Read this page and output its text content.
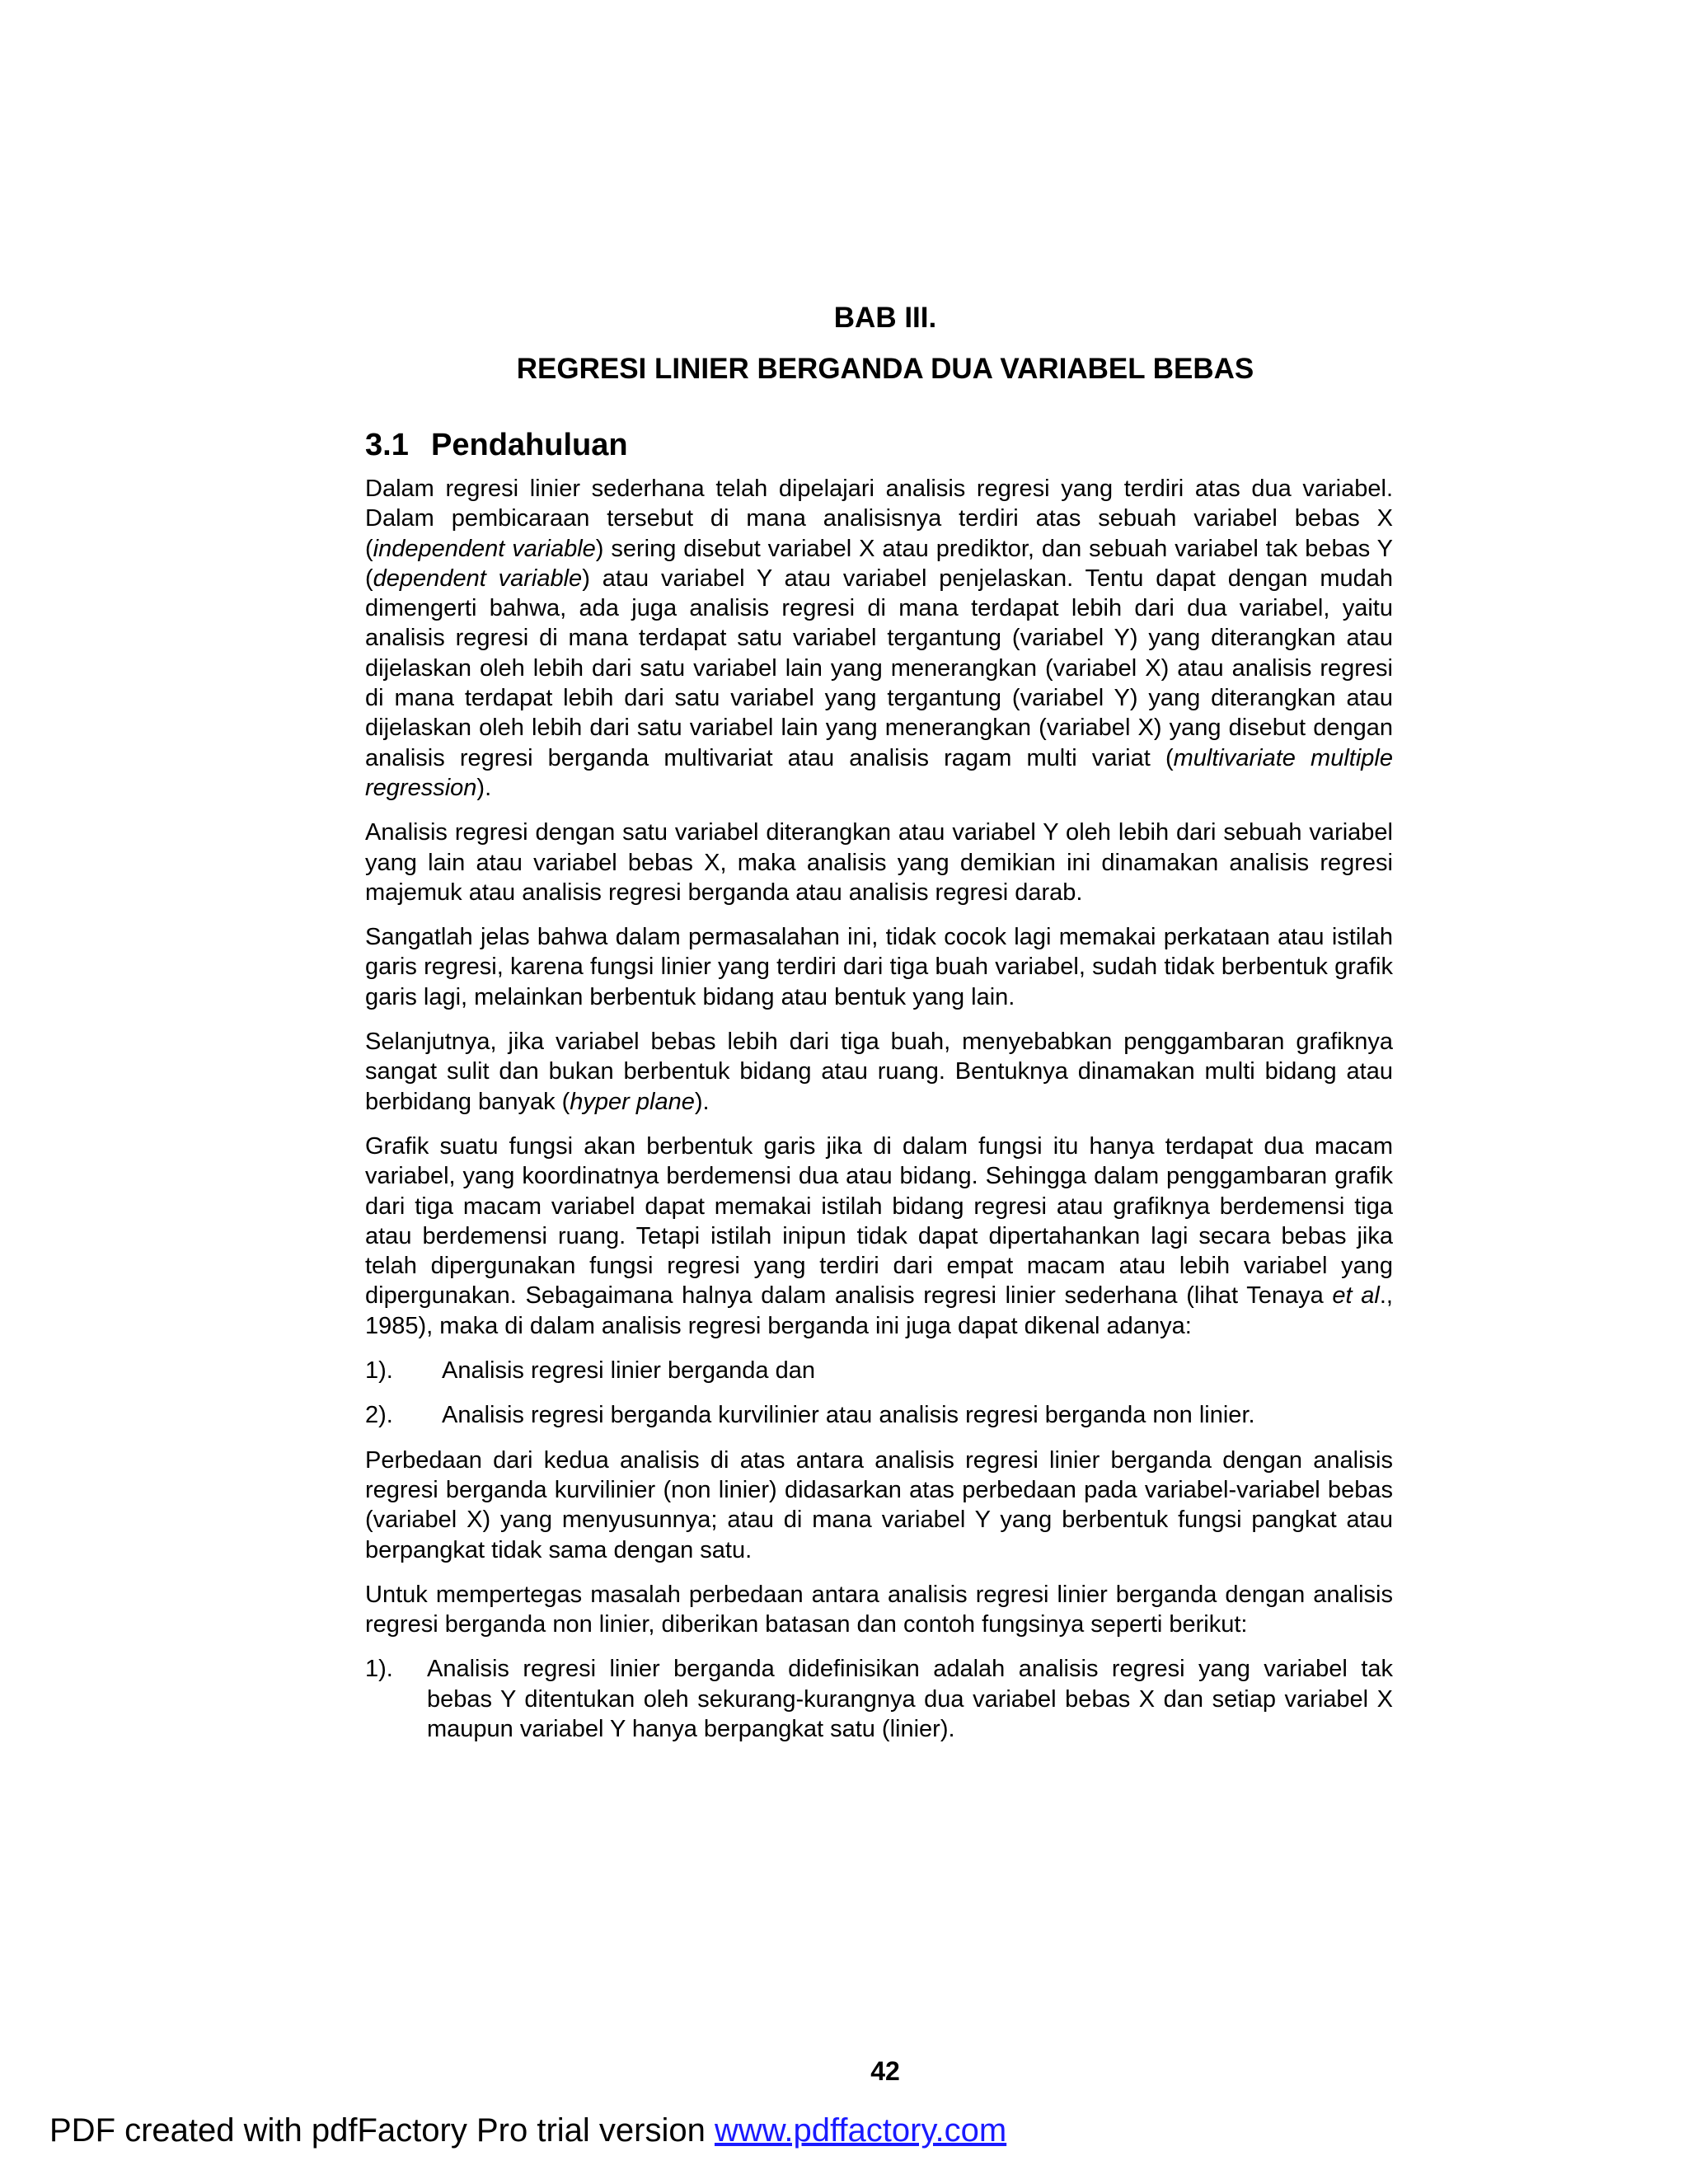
BAB III.
REGRESI LINIER BERGANDA DUA VARIABEL BEBAS
3.1 Pendahuluan

Dalam regresi linier sederhana telah dipelajari analisis regresi yang terdiri atas dua variabel. Dalam pembicaraan tersebut di mana analisisnya terdiri atas sebuah variabel bebas X (independent variable) sering disebut variabel X atau prediktor, dan sebuah variabel tak bebas Y (dependent variable) atau variabel Y atau variabel penjelaskan. Tentu dapat dengan mudah dimengerti bahwa, ada juga analisis regresi di mana terdapat lebih dari dua variabel, yaitu analisis regresi di mana terdapat satu variabel tergantung (variabel Y) yang diterangkan atau dijelaskan oleh lebih dari satu variabel lain yang menerangkan (variabel X) atau analisis regresi di mana terdapat lebih dari satu variabel yang tergantung (variabel Y) yang diterangkan atau dijelaskan oleh lebih dari satu variabel lain yang menerangkan (variabel X) yang disebut dengan analisis regresi berganda multivariat atau analisis ragam multi variat (multivariate multiple regression).

Analisis regresi dengan satu variabel diterangkan atau variabel Y oleh lebih dari sebuah variabel yang lain atau variabel bebas X, maka analisis yang demikian ini dinamakan analisis regresi majemuk atau analisis regresi berganda atau analisis regresi darab.

Sangatlah jelas bahwa dalam permasalahan ini, tidak cocok lagi memakai perkataan atau istilah garis regresi, karena fungsi linier yang terdiri dari tiga buah variabel, sudah tidak berbentuk grafik garis lagi, melainkan berbentuk bidang atau bentuk yang lain.

Selanjutnya, jika variabel bebas lebih dari tiga buah, menyebabkan penggambaran grafiknya sangat sulit dan bukan berbentuk bidang atau ruang. Bentuknya dinamakan multi bidang atau berbidang banyak (hyper plane).

Grafik suatu fungsi akan berbentuk garis jika di dalam fungsi itu hanya terdapat dua macam variabel, yang koordinatnya berdemensi dua atau bidang. Sehingga dalam penggambaran grafik dari tiga macam variabel dapat memakai istilah bidang regresi atau grafiknya berdemensi tiga atau berdemensi ruang. Tetapi istilah inipun tidak dapat dipertahankan lagi secara bebas jika telah dipergunakan fungsi regresi yang terdiri dari empat macam atau lebih variabel yang dipergunakan. Sebagaimana halnya dalam analisis regresi linier sederhana (lihat Tenaya et al., 1985), maka di dalam analisis regresi berganda ini juga dapat dikenal adanya:

1).	Analisis regresi linier berganda dan
2).	Analisis regresi berganda kurvilinier atau analisis regresi berganda non linier.

Perbedaan dari kedua analisis di atas antara analisis regresi linier berganda dengan analisis regresi berganda kurvilinier (non linier) didasarkan atas perbedaan pada variabel-variabel bebas (variabel X) yang menyusunnya; atau di mana variabel Y yang berbentuk fungsi pangkat atau berpangkat tidak sama dengan satu.

Untuk mempertegas masalah perbedaan antara analisis regresi linier berganda dengan analisis regresi berganda non linier, diberikan batasan dan contoh fungsinya seperti berikut:

1).	Analisis regresi linier berganda didefinisikan adalah analisis regresi yang variabel tak bebas Y ditentukan oleh sekurang-kurangnya dua variabel bebas X dan setiap variabel X maupun variabel Y hanya berpangkat satu (linier).
42
PDF created with pdfFactory Pro trial version www.pdffactory.com
